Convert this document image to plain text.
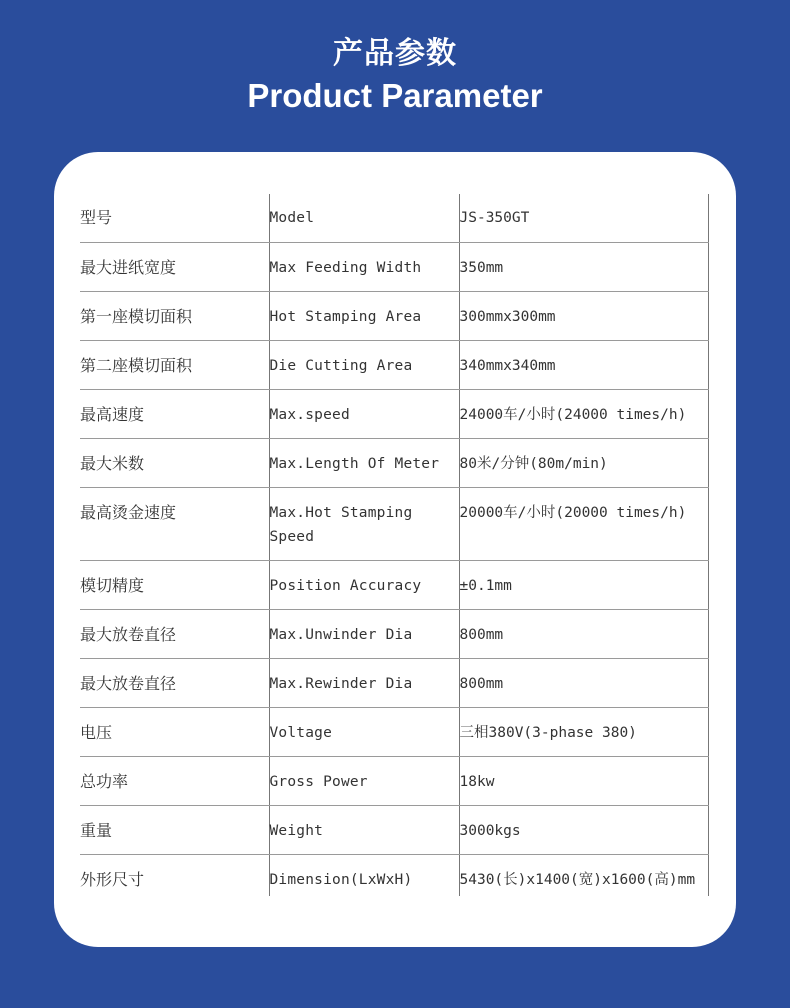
产品参数
Product Parameter
型号	Model	JS-350GT
最大进纸宽度	Max Feeding Width	350mm
第一座模切面积	Hot Stamping Area	300mmx300mm
第二座模切面积	Die Cutting Area	340mmx340mm
最高速度	Max.speed	24000车/小时(24000 times/h)
最大米数	Max.Length Of Meter	80米/分钟(80m/min)
最高烫金速度	Max.Hot Stamping Speed	20000车/小时(20000 times/h)
模切精度	Position Accuracy	±0.1mm
最大放卷直径	Max.Unwinder Dia	800mm
最大放卷直径	Max.Rewinder Dia	800mm
电压	Voltage	三相380V(3-phase 380)
总功率	Gross Power	18kw
重量	Weight	3000kgs
外形尺寸	Dimension(LxWxH)	5430(长)x1400(宽)x1600(高)mm
